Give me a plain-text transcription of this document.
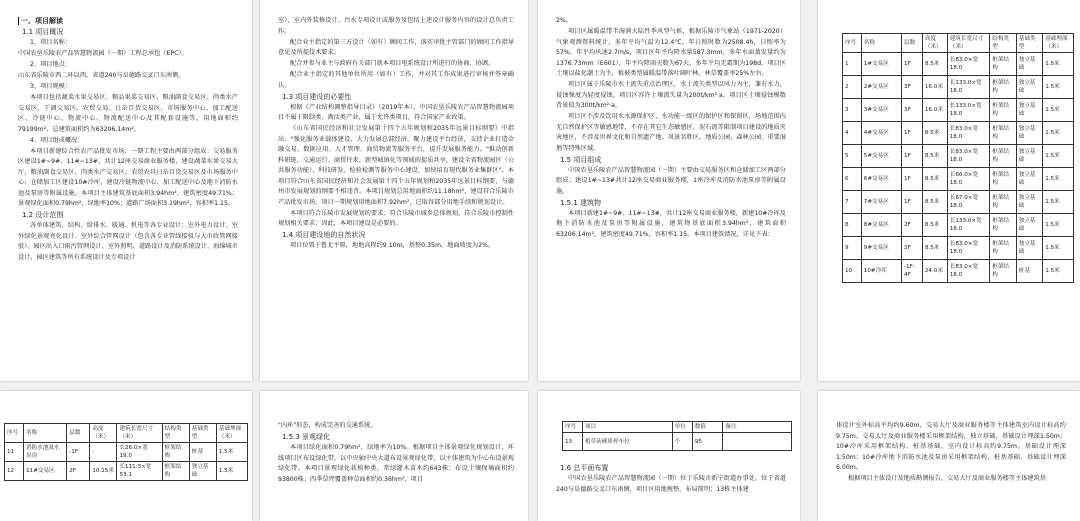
一、项目解读

1.1 项目概况

1、项目名称：

中国农垦乐陵农产品智慧物流园（一期）工程总承包（EPC）。

2、项目地点：

山东省乐陵市西二环以西，省道240与阜德路交叉口东南侧。

3、项目规模：

本项目包括蔬菜水果交易区、粮品果菜交易区、粮油副食交易区、肉类水产交易区、干调交易区、农贸交易、日杂百货交易区、市场服务中心、加工配送区、冷链中心、物流中心、物流配送中心及其配套设施等，用地面积约79199m²，总建筑面积约为63206.14m²。

4、项目组成概况：

本项目新建综合性农产品批发市场，一期工程主要由两部分组成：交易服务区建设1#~9#、11#~13#，共计12座交易商业服务楼，建设蔬菜水果交易大厅、粮油副食交易区、肉类水产交易区、农贸农具日杂百货交易区及市场服务中心；仓储加工区建设10#冷库，建设冷链物流中心、加工配送中心及地下消防水池及泵房等附属设施。本项目主体建筑基底面积3.94hm²，建筑密度49.71%；景观绿化面积0.79hm²，绿地率10%；道路广场面积3.19hm²，容积率1.15。

1.2 设计范围

各单体建筑、结构、给排水、暖通、机电等各专业设计；室外电力设计、室外绿化景观亮化设计、室外综合管网设计（包含各专业管线接驳与大市政管网接驳）、园区出入口雨污管网设计、室外照明、道路设计及消防系统设计、海绵城市设计，园区建筑等所有系统设计及专项设计

室）、室内外装修设计、污水专项设计或服务及包括上述设计服务内容的设计总负责工作。

配合业主指定的第三方设计（如有）顾问工作，落实审批主管部门的顾问工作指导意见及所提技术要求。

配合并参与业主与政府有关部门就本项目电系统设计所进行的协商、协调。

配合业主指定的其他单位所用（如有）工作，并对其工作成果进行审核并签章确认。

1.3 项目建设的必要性

根据《产业结构调整指导目录》（2019年本），中国农垦乐陵农产品智慧物流园项目不属于限制类、淘汰类产业，属于允许类项目，符合国家产业政策。

《山东省国民经济和社会发展第十四个五年规划和2035年远景目标纲要》中指出："强化服务业载体建设，大力发展总部经济，聚力建设平台经济，支持企业打造金融交易、数据应用、人才管理、商贸物流等服务平台，提升发展服务能力。"推动创新科研链、交通运行、商贸往来、新型城镇化等领域的提质共享，建设全省物流园区（公共服务功能）、科技研发、检验检测等服务中心建设，加快培育现代服务业集群区"。本项目符合山东省国民经济和社会发展第十四个五年规划和2035年远景目标纲要，与德州市发展规划的纲要不相违背。本项目规划总用地面积约11.18hm²，建设符合乐陵市产品批发市场，项目一期规划用地面积7.92hm²，已取得部分用地手续和规划设计。

本项目符合乐陵市发展规划的要求；符合乐陵市城乡总体规划，符合乐陵市控制性规划相关要求；因此，本项目建设是必要的。

1.4 项目建设地的自然状况

项目位置于鲁北平原，地地高程约9.10m，基整0.35m，地面坡度为2%。

2%。

项目区属暖温带半湿润大陆性季风型气候，根据乐陵市气象站（1971-2020）气象观测资料统计，多年平均气温为12.4℃，年日照时数为2508.4h，日照率为57%，年平均风速2.7m/s，项目区年平均降水量587.3mm，多年水面蒸发量约为1376.73mm（E601），年平均降雨天数为67天，多年平均无霜期为198d。项目区土壤以盐化潮土为主，植被类型属暖温带落叶阔叶林，林草覆盖率25%左右。

项目区属于乐陵市水土流失重点治理区，水土流失类型以风力为主，兼有水力，侵蚀强度为轻度侵蚀，项目区容许土壤流失量为200t/km²·a，项目区土壤侵蚀模数背景值为300t/km²·a。

项目区不涉及饮用水水源保护区，水功能一级区的保护区和保留区，场地范围内无自然保护区等敏感地带，不存在其它生态敏感区、泥石流等限制项目建设的地质灾害地区，不涉及世界文化和自然遗产地、风景名胜区、地质公园、森林公园、重要湿地等特殊区域。

1.5 项目组成

中国农垦乐陵农产品智慧物流园（一期）主要由交易服务区和仓储加工区两部分组成；建设1#~13#共计12座交易商业服务楼，1座冷库及消防水池泵房等附属设施。

1.5.1 建筑物

本项目新建1#~9#、11#~13#，共计12座交易商业服务楼，新建10#冷库及地下消防水池及泵房等附属设施，建筑物基底面积3.94hm²，建筑面积63206.14m²，建筑密度49.71%，容积率1.15。本项目建筑情况，详见下表：

序号	名称	层数	高度（米）	建筑长宽尺寸（米）	结构类型	基础类型	基础埋深（米）
1	1#交易区	1F	8.5米	长83.0×宽18.0	框架结构	独立基础	1.5米
2	2#交易区	3F	16.0米	长133.0×宽18.0	框架结构	独立基础	1.5米
3	3#交易区	3F	16.0米	长133.0×宽18.0	框架结构	独立基础	1.5米
4	4#交易区	1F	8.5米	长83.0×宽18.0	框架结构	独立基础	1.5米
5	5#交易区	1F	8.5米	长83.0×宽18.0	框架结构	独立基础	1.5米
6	6#交易区	1F	8.5米	长66.0×宽18.0	框架结构	独立基础	1.5米
7	7#交易区	1F	8.5米	长67.0×宽18.0	框架结构	独立基础	1.5米
8	8#交易区	2F	8.5米	长133.0×宽18.0	框架结构	独立基础	1.5米
9	9#交易区	2F	8.5米	长83.0×宽18.0	框架结构	独立基础	1.5米
10	10#冷库	-1F-4F	24.0米	长83.0×宽18.0	框架结构	桩基	1.5米
序号	名称	层数	高度（米）	建筑长宽尺寸（米）	结构类型	基础类型	基础埋深（米）
11	消防水池及水泵房	-1F	-	长26.0×宽19.0	框架结构	桩基	1.5米
12	11#交易区	2F	10.15米	长111.3×宽53.1	框架结构	独立基础	1.5米

"内环"形态，构成完善的交通系统。

1.5.3 景观绿化

本项目绿化面积0.79hm²，绿地率为10%。根据项目主体景观绿化规划设计，环线项目区布设绿化带，以中央轴中央大道布设景观绿化带，以主体建筑为中心布设景观绿化带。本项目景观绿化栽植种类，常绿灌木苗木约643株；布设土壤保墒面积约93800株；四季草坪覆盖种草面积约0.36hm²，项目

序号	项目	单位	数值	备注
13	植草砖硬质停车位	个	95	

1.6 总平面布置

中国农垦乐陵农产品智慧物流园（一期）位于乐陵市新宁街道办事处，位于省道240与阜德路交叉口东南侧，项目区用地规整，布局简明；13栋主体建

体设计室外标高平均约9.60m，交易大厅及商业服务楼等主体建筑室内设计标高约9.75m。交易大厅及商业服务楼采用框架结构，独立基础，基础设计埋深1.50m；10#冷库采用框架结构，桩基基础，室内设计标高约9.75m，基础设计埋深1.50m；10#冷库地下消防水池及泵房采用框架结构，桩基基础，基础设计埋深6.00m。

根据项目主体设计及地质勘测报告，交易大厅及商业服务楼等主体建筑基
